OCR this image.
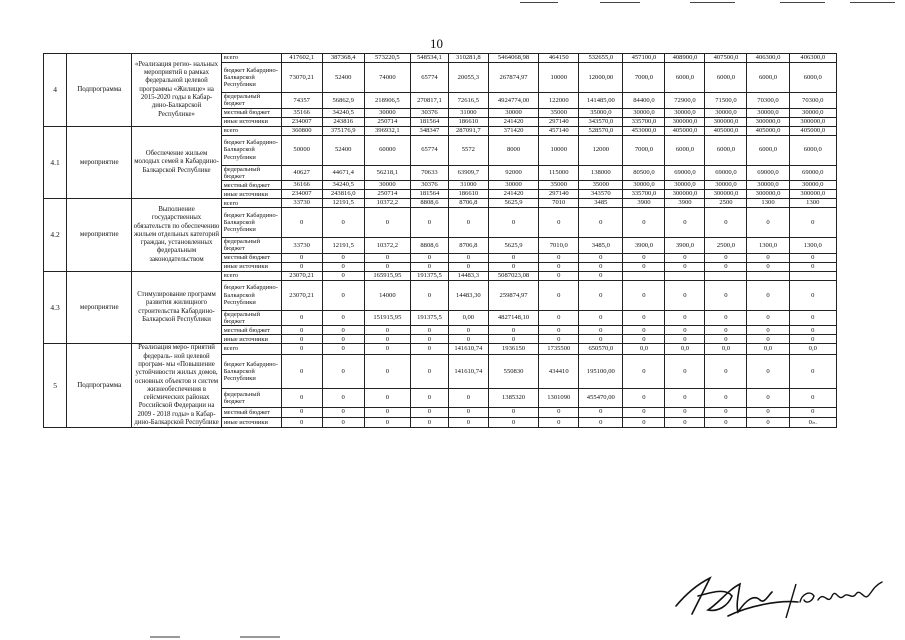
10
4	Подпрограмма	«Реализация регио- нальных мероприятий в рамках федеральной целевой программы «Жилище» на 2015-2020 годы в Кабар- дино-Балкарской Республике»	всего	417602,1	387368,4	573220,5	548534,1	310281,8	5464068,98	464150	532655,0	457100,0	408900,0	407500,0	406300,0	406300,0
			бюджет Кабардино-Балкарской Республики	73070,21	52400	74000	65774	20055,3	267874,97	10000	12000,00	7000,0	6000,0	6000,0	6000,0	6000,0
			федеральный бюджет	74357	56862,9	218906,5	270817,1	72616,5	4924774,00	122000	141485,00	84400,0	72900,0	71500,0	70300,0	70300,0
			местный бюджет	35166	34240,5	30000	30376	31000	30000	35000	35000,0	30000,0	30000,0	30000,0	30000,0	30000,0
			иные источники	234007	243816	250714	181564	186610	241420	297140	343570,0	335700,0	300000,0	300000,0	300000,0	300000,0
4.1	мероприятие	Обеспечение жильем молодых семей в Кабардино- Балкарской Республике	всего	360800	375176,9	396932,1	348347	287091,7	371420	457140	528570,0	453000,0	405000,0	405000,0	405000,0	405000,0
			бюджет Кабардино-Балкарской Республики	50000	52400	60000	65774	5572	8000	10000	12000	7000,0	6000,0	6000,0	6000,0	6000,0
			федеральный бюджет	40627	44671,4	56218,1	70633	63909,7	92000	115000	138000	80500,0	69000,0	69000,0	69000,0	69000,0
			местный бюджет	36166	34240,5	30000	30376	31000	30000	35000	35000	30000,0	30000,0	30000,0	30000,0	30000,0
			иные источники	234007	243816,0	250714	181564	186610	241420	297140	343570	335700,0	300000,0	300000,0	300000,0	300000,0
4.2	мероприятие	Выполнение государственных обязательств по обеспечению жильем отдельных категорий граждан, установленных федеральным законодательством	всего	33730	12191,5	10372,2	8808,6	8706,8	5625,9	7010	3485	3900	3900	2500	1300	1300
			бюджет Кабардино-Балкарской Республики	0	0	0	0	0	0	0	0	0	0	0	0	0
			федеральный бюджет	33730	12191,5	10372,2	8808,6	8706,8	5625,9	7010,0	3485,0	3900,0	3900,0	2500,0	1300,0	1300,0
			местный бюджет	0	0	0	0	0	0	0	0	0	0	0	0	0
			иные источники	0	0	0	0	0	0	0	0	0	0	0	0	0
4.3	мероприятие	Стимулирование программ развития жилищного строительства Кабардино- Балкарской Республики	всего	23070,21	0	165915,95	191375,5	14483,3	5087023,08	0	0					
			бюджет Кабардино-Балкарской Республики	23070,21	0	14000	0	14483,30	259874,97	0	0	0	0	0	0	0
			федеральный бюджет	0	0	151915,95	191375,5	0,00	4827148,10	0	0	0	0	0	0	0
			местный бюджет	0	0	0	0	0	0	0	0	0	0	0	0	0
			иные источники	0	0	0	0	0	0	0	0	0	0	0	0	0
5	Подпрограмма	Реализация меро- приятий федераль- ной целевой програм- мы «Повышение устойчивости жилых домов, основных объектов и систем жизнеобеспечения в сейсмических районах Российской Федерации на 2009 - 2018 годы» в Кабар- дино-Балкарской Республике	всего	0	0	0	0	141610,74	1936150	1735500	650570,0	0,0	0,0	0,0	0,0	0,0
			бюджет Кабардино-Балкарской Республики	0	0	0	0	141610,74	550830	434410	195100,00	0	0	0	0	0
			федеральный бюджет	0	0	0	0	0	1385320	1301090	455470,00	0	0	0	0	0
			местный бюджет	0	0	0	0	0	0	0	0	0	0	0	0	0
			иные источники	0	0	0	0	0	0	0	0	0	0	0	0	0».
